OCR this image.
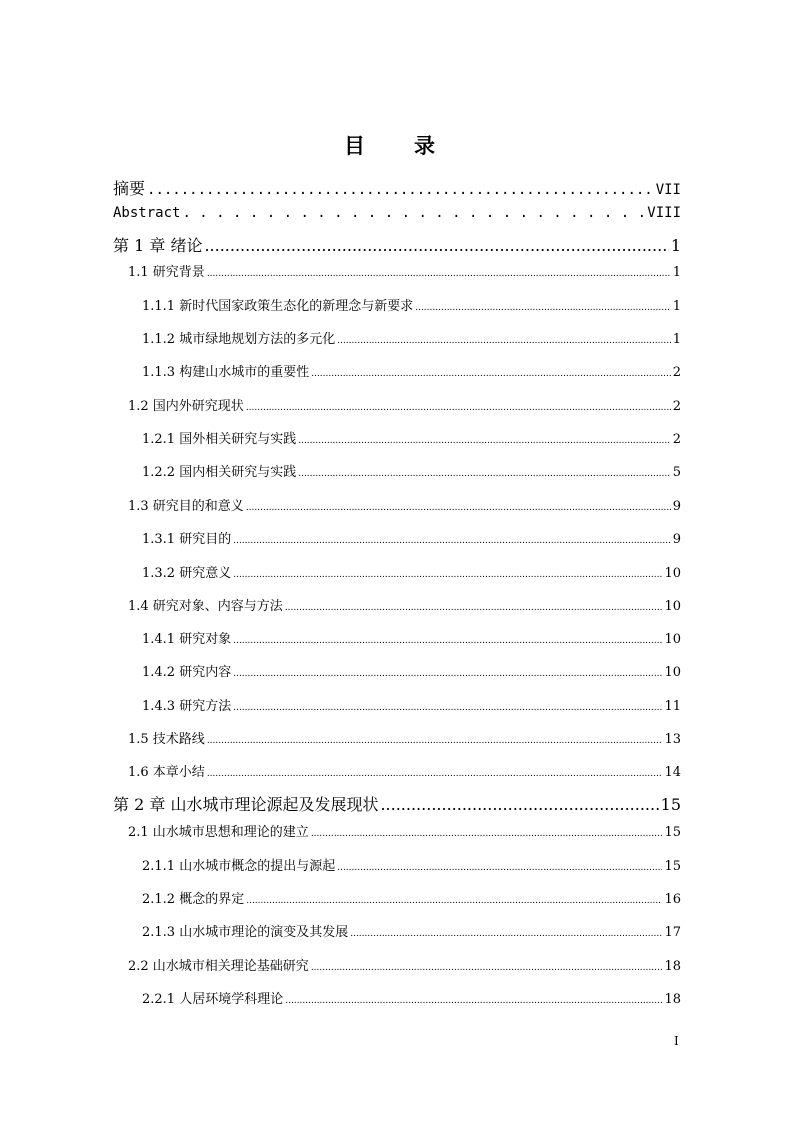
目　录
摘要 .....	VII
Abstract . . .	VIII
第 1 章 绪论 .....	1
1.1 研究背景 .....	1
1.1.1 新时代国家政策生态化的新理念与新要求 .....	1
1.1.2 城市绿地规划方法的多元化 .....	1
1.1.3 构建山水城市的重要性 .....	2
1.2 国内外研究现状 .....	2
1.2.1 国外相关研究与实践 .....	2
1.2.2 国内相关研究与实践 .....	5
1.3 研究目的和意义 .....	9
1.3.1 研究目的 .....	9
1.3.2 研究意义 .....	10
1.4 研究对象、内容与方法 .....	10
1.4.1 研究对象 .....	10
1.4.2 研究内容 .....	10
1.4.3 研究方法 .....	11
1.5 技术路线 .....	13
1.6 本章小结 .....	14
第 2 章 山水城市理论源起及发展现状 .....	15
2.1 山水城市思想和理论的建立 .....	15
2.1.1 山水城市概念的提出与源起 .....	15
2.1.2 概念的界定 .....	16
2.1.3 山水城市理论的演变及其发展 .....	17
2.2 山水城市相关理论基础研究 .....	18
2.2.1 人居环境学科理论 .....	18
I
